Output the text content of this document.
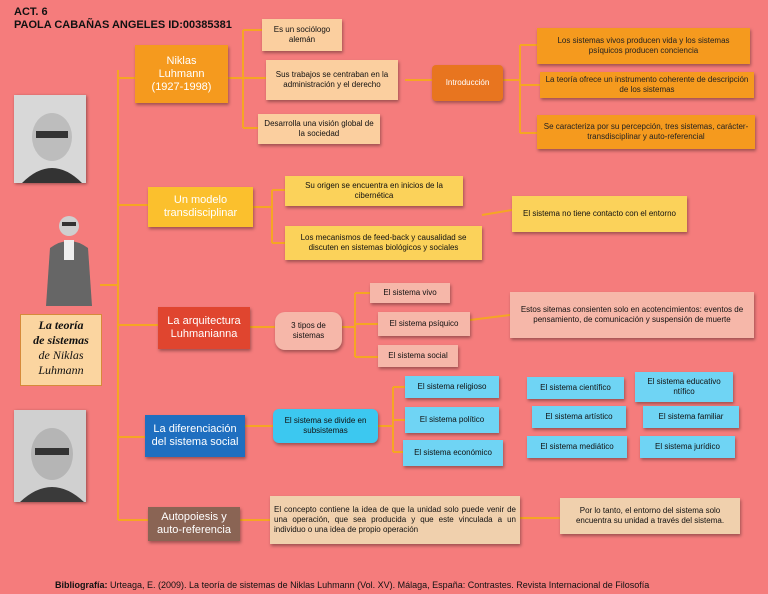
ACT. 6
PAOLA CABAÑAS ANGELES ID:00385381
La teoría
de sistemas
de Niklas
Luhmann
Niklas Luhmann (1927-1998)
Un modelo transdisciplinar
La arquitectura Luhmanianna
La diferenciación del sistema social
Autopoiesis y auto-referencia
Es un sociólogo alemán
Sus trabajos se centraban en la administración y el derecho
Desarrolla una visión global de la sociedad
Introducción
Los sistemas vivos producen vida y los sistemas psíquicos producen conciencia
La teoría ofrece un instrumento coherente de descripción de los sistemas
Se caracteriza por su percepción, tres sistemas, carácter- transdisciplinar y auto-referencial
Su origen se encuentra en inicios de la cibernética
Los mecanismos de feed-back y causalidad se discuten en sistemas biológicos y sociales
El sistema no tiene contacto con el entorno
3 tipos de sistemas
El sistema vivo
El sistema psíquico
El sistema social
Estos sitemas consienten solo en acotencimientos: eventos de pensamiento, de comunicación y suspensión de muerte
El sistema se divide en subsistemas
El sistema religioso
El sistema político
El sistema económico
El sistema científico
El sistema artístico
El sistema mediático
El sistema educativo ntífico
El sistema familiar
El sistema jurídico
El concepto contiene la idea de que la unidad solo puede venir de una operación, que sea producida y que este vinculada a un individuo o una idea de propio operación
Por lo tanto, el entorno del sistema solo encuentra su unidad a través del sistema.
Bibliografía: Urteaga, E. (2009). La teoría de sistemas de Niklas Luhmann (Vol. XV). Málaga, España: Contrastes. Revista Internacional de Filosofía
